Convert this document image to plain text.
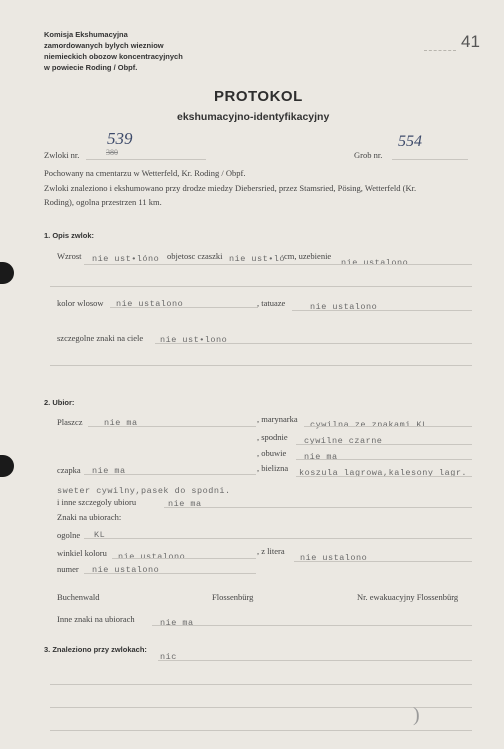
Komisja Ekshumacyjna
zamordowanych bylych wiezniow
niemieckich obozow koncentracyjnych
w powiecie Roding / Obpf.
41
PROTOKOL
ekshumacyjno-identyfikacyjny
Zwloki nr.
539
380	Grob nr.
554
Pochowany na cmentarzu w Wetterfeld, Kr. Roding / Obpf.
Zwloki znaleziono i ekshumowano przy drodze miedzy Diebersried, przez Stamsried, Pösing, Wetterfeld (Kr.
Roding), ogolna przestrzen 11 km.
1. Opis zwlok:
Wzrost nie ust•lóno objetosc czaszki nie ust•ló
cm, uzebienie
nie ustalono
kolor wlosow nie ustalono	, tatuaze	nie ustalono
szczegolne znaki na ciele nie ust•lono
2. Ubior:
Plaszcz	nie ma	, marynarka
cywilna ze znakami KL
, spodnie cywilne czarne
, obuwie nie ma
czapka nie ma	, bielizna koszula lagrowa,kalesony lagr.
sweter cywilny,pasek do spodni.
i inne szczegoly ubioru	nie ma
Znaki na ubiorach:
ogolne KL
winkiel koloru nie ustalono
, z litera
nie ustalono
numer nie ustalono
Buchenwald	Flossenbürg	Nr. ewakuacyjny Flossenbürg
Inne znaki na ubiorach	nie ma
3. Znaleziono przy zwlokach:
nic
)
